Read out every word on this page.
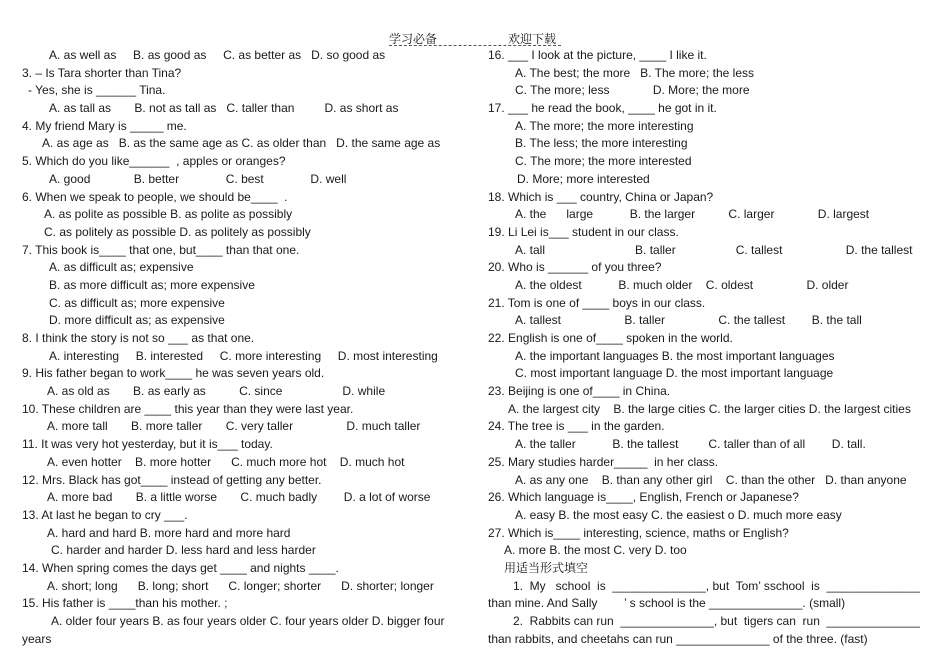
学习必备	欢迎下载
A. as well as     B. as good as     C. as better as   D. so good as
3. – Is Tara shorter than Tina?
- Yes, she is ______ Tina.
A. as tall as       B. not as tall as   C. taller than         D. as short as
4. My friend Mary is _____ me.
A. as age as   B. as the same age as C. as older than   D. the same age as
5. Which do you like______  , apples or oranges?
A. good             B. better              C. best              D. well
6. When we speak to people, we should be____  .
A. as polite as possible B. as polite as possibly
C. as politely as possible D. as politely as possibly
7. This book is____ that one, but____ than that one.
A. as difficult as; expensive
B. as more difficult as; more expensive
C. as difficult as; more expensive
D. more difficult as; as expensive
8. I think the story is not so ___ as that one.
A. interesting     B. interested     C. more interesting     D. most interesting
9. His father began to work____ he was seven years old.
A. as old as       B. as early as          C. since                  D. while
10. These children are ____ this year than they were last year.
A. more tall       B. more taller       C. very taller                D. much taller
11. It was very hot yesterday, but it is___ today.
A. even hotter    B. more hotter      C. much more hot    D. much hot
12. Mrs. Black has got____ instead of getting any better.
A. more bad       B. a little worse       C. much badly        D. a lot of worse
13. At last he began to cry ___.
A. hard and hard B. more hard and more hard
C. harder and harder D. less hard and less harder
14. When spring comes the days get ____ and nights ____.
A. short; long      B. long; short      C. longer; shorter      D. shorter; longer
15. His father is ____than his mother. ;
A. older four years B. as four years older C. four years older D. bigger four
years
16. ___ I look at the picture, ____ I like it.
A. The best; the more   B. The more; the less
C. The more; less             D. More; the more
17. ___ he read the book, ____ he got in it.
A. The more; the more interesting
B. The less; the more interesting
C. The more; the more interested
D. More; more interested
18. Which is ___ country, China or Japan?
A. the      large           B. the larger          C. larger             D. largest
19. Li Lei is___ student in our class.
A. tall                           B. taller                  C. tallest                   D. the tallest
20. Who is ______ of you three?
A. the oldest           B. much older    C. oldest                D. older
21. Tom is one of ____ boys in our class.
A. tallest                   B. taller                C. the tallest        B. the tall
22. English is one of____ spoken in the world.
A. the important languages B. the most important languages
C. most important language D. the most important language
23. Beijing is one of____ in China.
A. the largest city    B. the large cities C. the larger cities D. the largest cities
24. The tree is ___ in the garden.
A. the taller           B. the tallest         C. taller than of all        D. tall.
25. Mary studies harder_____  in her class.
A. as any one    B. than any other girl    C. than the other   D. than anyone
26. Which language is____, English, French or Japanese?
A. easy B. the most easy C. the easiest o D. much more easy
27. Which is____ interesting, science, maths or English?
A. more B. the most C. very D. too
用适当形式填空
1.  My   school  is  ______________, but  Tom’ sschool  is  ______________
than mine. And Sally        ’ s school is the ______________. (small)
2.  Rabbits can run  ______________, but  tigers can  run  ______________
than rabbits, and cheetahs can run ______________ of the three. (fast)
